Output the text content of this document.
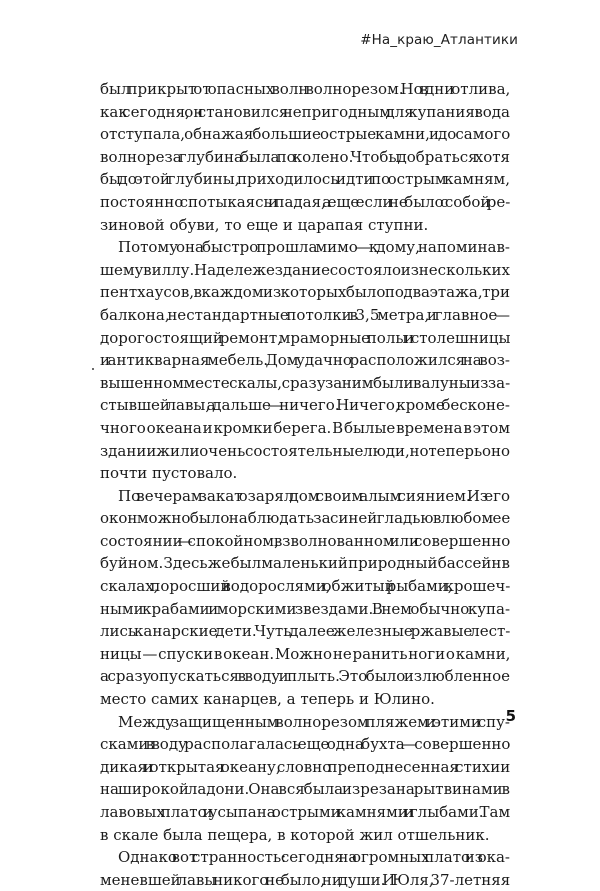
#На_краю_Атлантики

был прикрыт от опасных волн волнорезом. Но в дни отлива,
как сегодня, он становился непригодным для купания: вода
отступала, обнажая большие острые камни, и до самого
волнореза глубина была по колено. Чтобы добраться хотя
бы до этой глубины, приходилось идти по острым камням,
постоянно спотыкаясь и падая, а еще если не было с собой ре-
зиновой обуви, то еще и царапая ступни.

Потому она быстро прошла мимо — к дому, напоминав-
шему виллу. На деле же здание состояло из нескольких
пентхаусов, в каждом из которых было по два этажа, три
балкона, нестандартные потолки в 3,5 метра, и главное —
дорогостоящий ремонт, мраморные полы и столешницы
и антикварная мебель. Дом удачно расположился на воз-
вышенном месте скалы, сразу за ним были валуны из за-
стывшей лавы, а дальше — ничего. Ничего, кроме бесконе-
чного океана и кромки берега. В былые времена в этом
здании жили очень состоятельные люди, но теперь оно
почти пустовало.

По вечерам закат озарял дом своим алым сиянием. Из его
окон можно было наблюдать за синей гладью в любом ее
состоянии — спокойном, взволнованном или совершенно
буйном. Здесь же был маленький природный бассейн в
скалах, поросший водорослями, обжитый рыбами, крошеч-
ными крабами и морскими звездами. В нем обычно купа-
лись канарские дети. Чуть далее железные ржавые лест-
ницы — спуски в океан. Можно не ранить ноги о камни,
а сразу опускаться в воду и плыть. Это было излюбленное
место самих канарцев, а теперь и Юлино.

Между защищенным волнорезом пляжем и этими спу-
сками в воду располагалась еще одна бухта — совершенно
дикая и открытая океану, словно преподнесенная стихии
на широкой ладони. Она вся была изрезана рытвинами в
лавовых плато и усыпана острыми камнями и глыбами. Там
в скале была пещера, в которой жил отшельник.

Однако вот странность: сегодня на огромных плато из ока-
меневшей лавы никого не было, ни души. И Юля, 37-летняя

5
